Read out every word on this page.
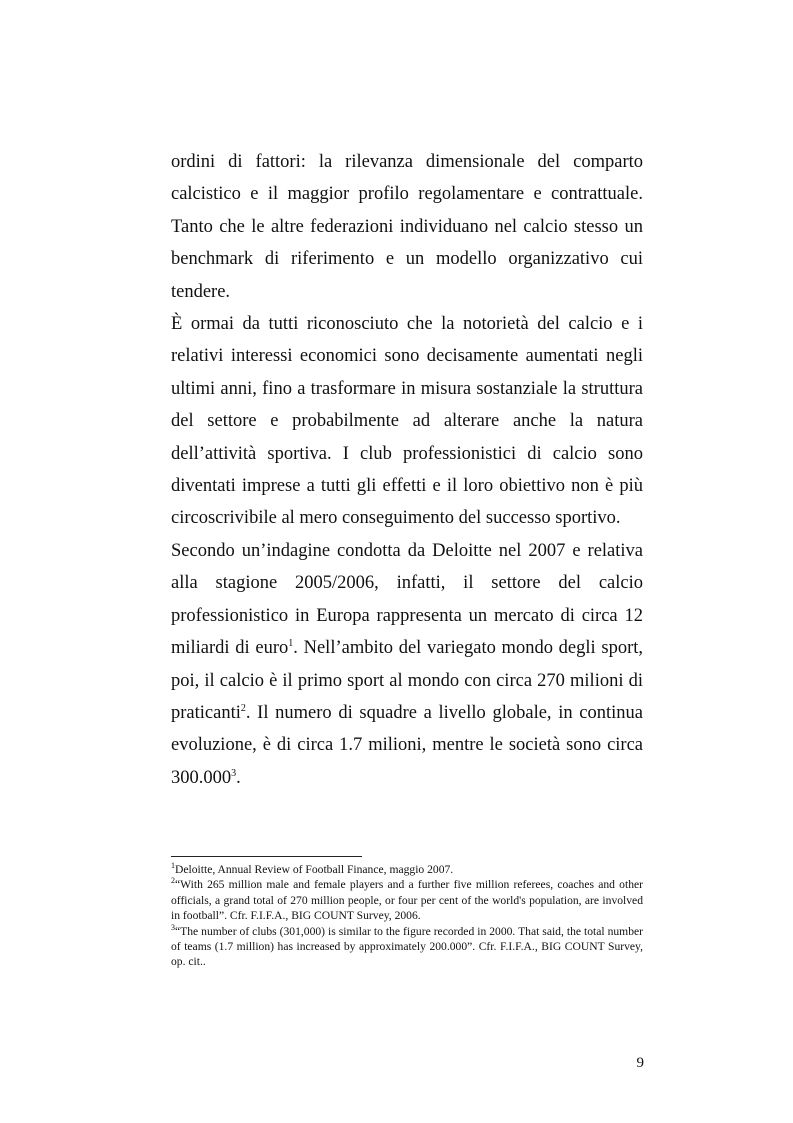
ordini di fattori: la rilevanza dimensionale del comparto calcistico e il maggior profilo regolamentare e contrattuale. Tanto che le altre federazioni individuano nel calcio stesso un benchmark di riferimento e un modello organizzativo cui tendere.

È ormai da tutti riconosciuto che la notorietà del calcio e i relativi interessi economici sono decisamente aumentati negli ultimi anni, fino a trasformare in misura sostanziale la struttura del settore e probabilmente ad alterare anche la natura dell’attività sportiva. I club professionistici di calcio sono diventati imprese a tutti gli effetti e il loro obiettivo non è più circoscrivibile al mero conseguimento del successo sportivo.

Secondo un’indagine condotta da Deloitte nel 2007 e relativa alla stagione 2005/2006, infatti, il settore del calcio professionistico in Europa rappresenta un mercato di circa 12 miliardi di euro$^1$. Nell’ambito del variegato mondo degli sport, poi, il calcio è il primo sport al mondo con circa 270 milioni di praticanti$^2$. Il numero di squadre a livello globale, in continua evoluzione, è di circa 1.7 milioni, mentre le società sono circa 300.000$^3$.

$^1$Deloitte, Annual Review of Football Finance, maggio 2007.

$^2$“With 265 million male and female players and a further five million referees, coaches and other officials, a grand total of 270 million people, or four per cent of the world's population, are involved in football”. Cfr. F.I.F.A., BIG COUNT Survey, 2006.

$^3$“The number of clubs (301,000) is similar to the figure recorded in 2000. That said, the total number of teams (1.7 million) has increased by approximately 200.000”. Cfr. F.I.F.A., BIG COUNT Survey, op. cit..

9
